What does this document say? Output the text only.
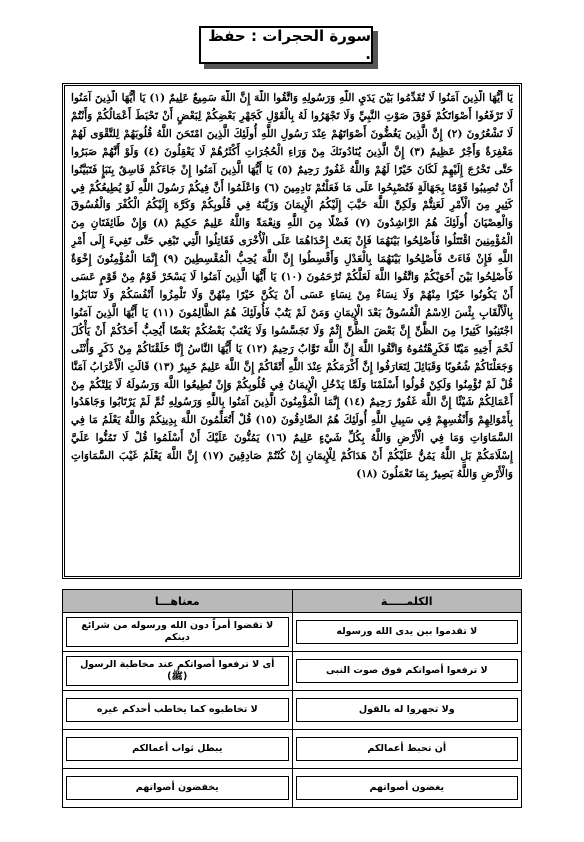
سورة الحجرات : حفظ .
يَا أَيُّهَا الَّذِينَ آمَنُوا لَا تُقَدِّمُوا بَيْنَ يَدَيِ اللَّهِ وَرَسُولِهِ وَاتَّقُوا اللَّهَ إِنَّ اللَّهَ سَمِيعٌ عَلِيمٌ (١) يَا أَيُّهَا الَّذِينَ آمَنُوا لَا تَرْفَعُوا أَصْوَاتَكُمْ فَوْقَ صَوْتِ النَّبِيِّ وَلَا تَجْهَرُوا لَهُ بِالْقَوْلِ كَجَهْرِ بَعْضِكُمْ لِبَعْضٍ أَنْ تَحْبَطَ أَعْمَالُكُمْ وَأَنْتُمْ لَا تَشْعُرُونَ (٢) إِنَّ الَّذِينَ يَغُضُّونَ أَصْوَاتَهُمْ عِنْدَ رَسُولِ اللَّهِ أُولَئِكَ الَّذِينَ امْتَحَنَ اللَّهُ قُلُوبَهُمْ لِلتَّقْوَى لَهُمْ مَغْفِرَةٌ وَأَجْرٌ عَظِيمٌ (٣) إِنَّ الَّذِينَ يُنَادُونَكَ مِنْ وَرَاءِ الْحُجُرَاتِ أَكْثَرُهُمْ لَا يَعْقِلُونَ (٤) وَلَوْ أَنَّهُمْ صَبَرُوا حَتَّى تَخْرُجَ إِلَيْهِمْ لَكَانَ خَيْرًا لَهُمْ وَاللَّهُ غَفُورٌ رَحِيمٌ (٥) يَا أَيُّهَا الَّذِينَ آمَنُوا إِنْ جَاءَكُمْ فَاسِقٌ بِنَبَإٍ فَتَبَيَّنُوا أَنْ تُصِيبُوا قَوْمًا بِجَهَالَةٍ فَتُصْبِحُوا عَلَى مَا فَعَلْتُمْ نَادِمِينَ (٦) وَاعْلَمُوا أَنَّ فِيكُمْ رَسُولَ اللَّهِ لَوْ يُطِيعُكُمْ فِي كَثِيرٍ مِنَ الْأَمْرِ لَعَنِتُّمْ وَلَكِنَّ اللَّهَ حَبَّبَ إِلَيْكُمُ الْإِيمَانَ وَزَيَّنَهُ فِي قُلُوبِكُمْ وَكَرَّهَ إِلَيْكُمُ الْكُفْرَ وَالْفُسُوقَ وَالْعِصْيَانَ أُولَئِكَ هُمُ الرَّاشِدُونَ (٧) فَضْلًا مِنَ اللَّهِ وَنِعْمَةً وَاللَّهُ عَلِيمٌ حَكِيمٌ (٨) وَإِنْ طَائِفَتَانِ مِنَ الْمُؤْمِنِينَ اقْتَتَلُوا فَأَصْلِحُوا بَيْنَهُمَا فَإِنْ بَغَتْ إِحْدَاهُمَا عَلَى الْأُخْرَى فَقَاتِلُوا الَّتِي تَبْغِي حَتَّى تَفِيءَ إِلَى أَمْرِ اللَّهِ فَإِنْ فَاءَتْ فَأَصْلِحُوا بَيْنَهُمَا بِالْعَدْلِ وَأَقْسِطُوا إِنَّ اللَّهَ يُحِبُّ الْمُقْسِطِينَ (٩) إِنَّمَا الْمُؤْمِنُونَ إِخْوَةٌ فَأَصْلِحُوا بَيْنَ أَخَوَيْكُمْ وَاتَّقُوا اللَّهَ لَعَلَّكُمْ تُرْحَمُونَ (١٠) يَا أَيُّهَا الَّذِينَ آمَنُوا لَا يَسْخَرْ قَوْمٌ مِنْ قَوْمٍ عَسَى أَنْ يَكُونُوا خَيْرًا مِنْهُمْ وَلَا نِسَاءٌ مِنْ نِسَاءٍ عَسَى أَنْ يَكُنَّ خَيْرًا مِنْهُنَّ وَلَا تَلْمِزُوا أَنْفُسَكُمْ وَلَا تَنَابَزُوا بِالْأَلْقَابِ بِئْسَ الِاسْمُ الْفُسُوقُ بَعْدَ الْإِيمَانِ وَمَنْ لَمْ يَتُبْ فَأُولَئِكَ هُمُ الظَّالِمُونَ (١١) يَا أَيُّهَا الَّذِينَ آمَنُوا اجْتَنِبُوا كَثِيرًا مِنَ الظَّنِّ إِنَّ بَعْضَ الظَّنِّ إِثْمٌ وَلَا تَجَسَّسُوا وَلَا يَغْتَبْ بَعْضُكُمْ بَعْضًا أَيُحِبُّ أَحَدُكُمْ أَنْ يَأْكُلَ لَحْمَ أَخِيهِ مَيْتًا فَكَرِهْتُمُوهُ وَاتَّقُوا اللَّهَ إِنَّ اللَّهَ تَوَّابٌ رَحِيمٌ (١٢) يَا أَيُّهَا النَّاسُ إِنَّا خَلَقْنَاكُمْ مِنْ ذَكَرٍ وَأُنْثَى وَجَعَلْنَاكُمْ شُعُوبًا وَقَبَائِلَ لِتَعَارَفُوا إِنَّ أَكْرَمَكُمْ عِنْدَ اللَّهِ أَتْقَاكُمْ إِنَّ اللَّهَ عَلِيمٌ خَبِيرٌ (١٣) قَالَتِ الْأَعْرَابُ آمَنَّا قُلْ لَمْ تُؤْمِنُوا وَلَكِنْ قُولُوا أَسْلَمْنَا وَلَمَّا يَدْخُلِ الْإِيمَانُ فِي قُلُوبِكُمْ وَإِنْ تُطِيعُوا اللَّهَ وَرَسُولَهُ لَا يَلِتْكُمْ مِنْ أَعْمَالِكُمْ شَيْئًا إِنَّ اللَّهَ غَفُورٌ رَحِيمٌ (١٤) إِنَّمَا الْمُؤْمِنُونَ الَّذِينَ آمَنُوا بِاللَّهِ وَرَسُولِهِ ثُمَّ لَمْ يَرْتَابُوا وَجَاهَدُوا بِأَمْوَالِهِمْ وَأَنْفُسِهِمْ فِي سَبِيلِ اللَّهِ أُولَئِكَ هُمُ الصَّادِقُونَ (١٥) قُلْ أَتُعَلِّمُونَ اللَّهَ بِدِينِكُمْ وَاللَّهُ يَعْلَمُ مَا فِي السَّمَاوَاتِ وَمَا فِي الْأَرْضِ وَاللَّهُ بِكُلِّ شَيْءٍ عَلِيمٌ (١٦) يَمُنُّونَ عَلَيْكَ أَنْ أَسْلَمُوا قُلْ لَا تَمُنُّوا عَلَيَّ إِسْلَامَكُمْ بَلِ اللَّهُ يَمُنُّ عَلَيْكُمْ أَنْ هَدَاكُمْ لِلْإِيمَانِ إِنْ كُنْتُمْ صَادِقِينَ (١٧) إِنَّ اللَّهَ يَعْلَمُ غَيْبَ السَّمَاوَاتِ وَالْأَرْضِ وَاللَّهُ بَصِيرٌ بِمَا تَعْمَلُونَ (١٨)
الكلمـــــة	معناهـــا

لا تقدموا بين يدى الله ورسوله	لا تقضوا أمراً دون الله ورسوله من شرائع دينكم

لا ترفعوا أصواتكم فوق صوت النبى	أى لا ترفعوا أصواتكم عند مخاطبة الرسول (ﷺ)

ولا تجهروا له بالقول	لا تخاطبوه كما يخاطب أحدكم غيره

أن تحبط أعمالكم	يبطل ثواب أعمالكم

يغضون أصواتهم	يخفضون أصواتهم
